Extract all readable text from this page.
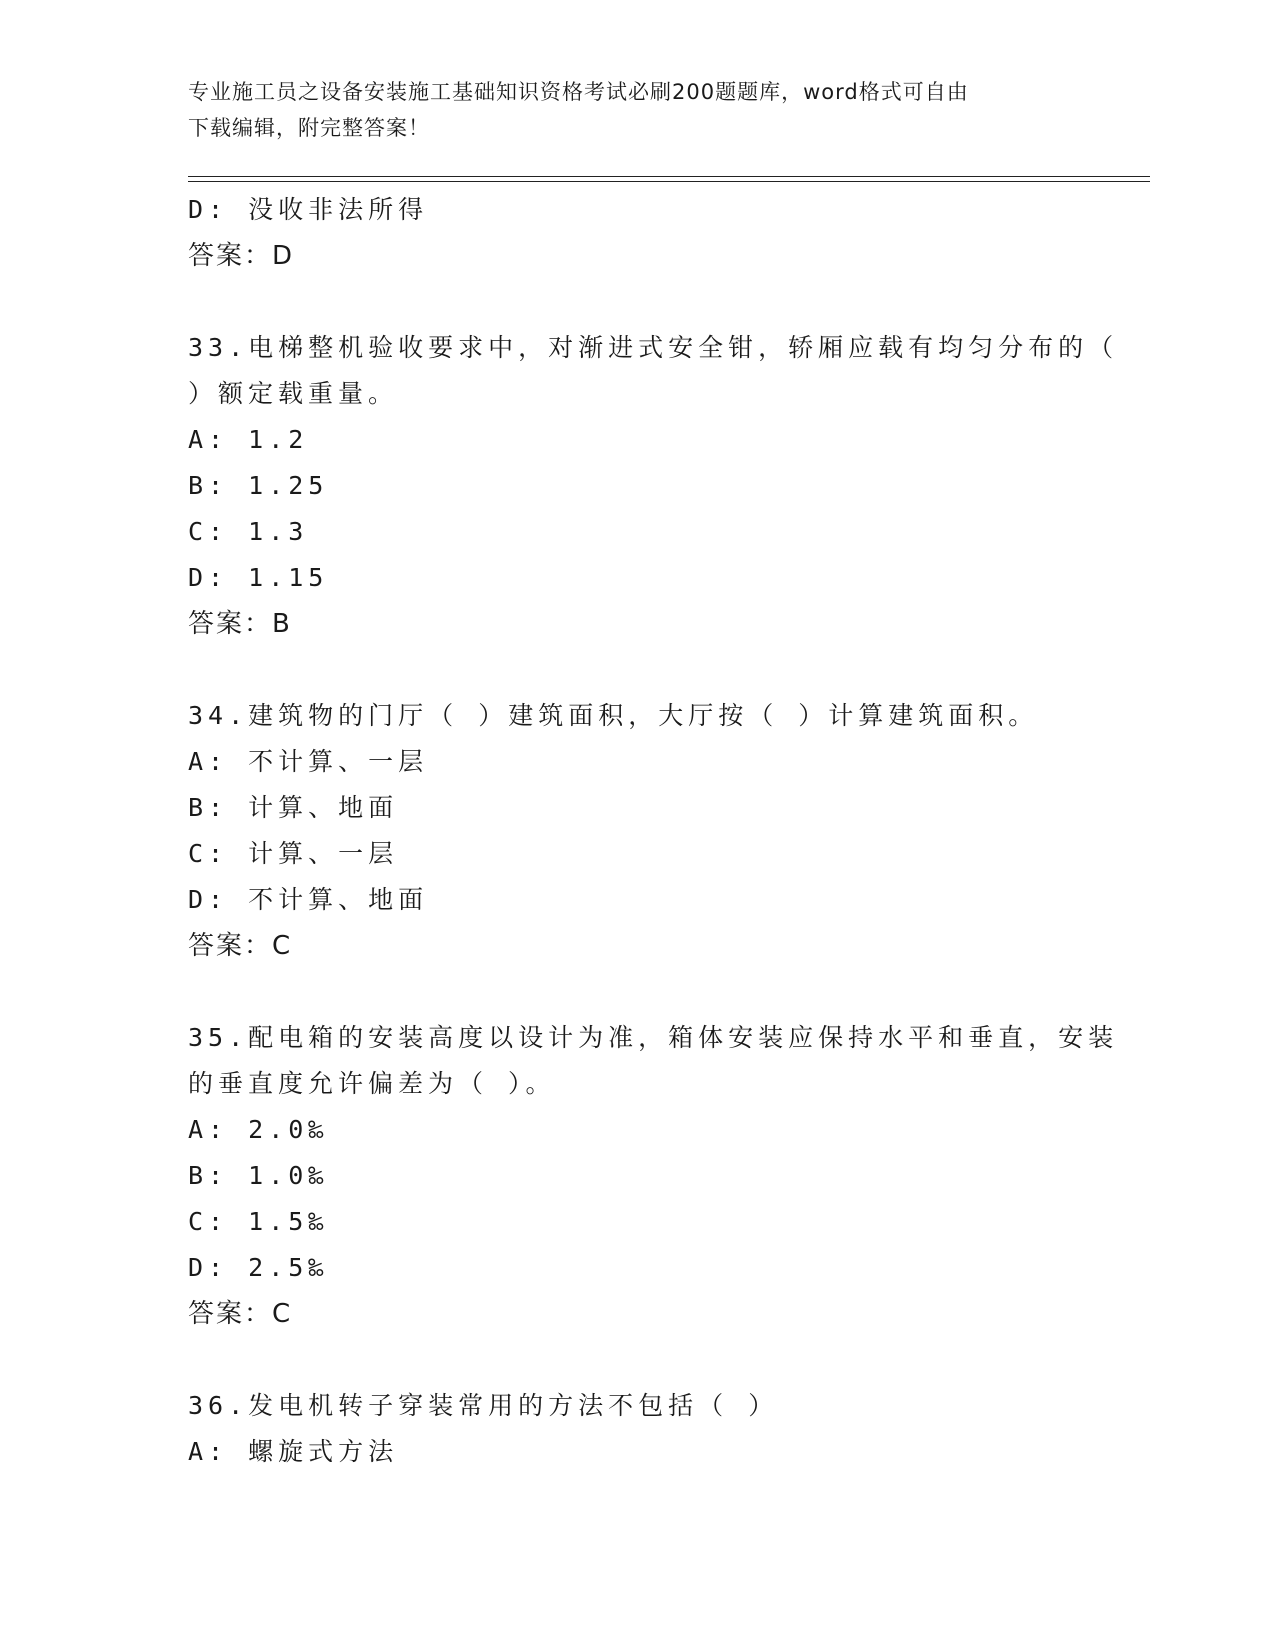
专业施工员之设备安装施工基础知识资格考试必刷200题题库，word格式可自由
下载编辑，附完整答案！
D: 没收非法所得
答案：D
33.电梯整机验收要求中，对渐进式安全钳，轿厢应载有均匀分布的（
）额定载重量。
A: 1.2
B: 1.25
C: 1.3
D: 1.15
答案：B
34.建筑物的门厅（ ）建筑面积，大厅按（ ）计算建筑面积。
A: 不计算、一层
B: 计算、地面
C: 计算、一层
D: 不计算、地面
答案：C
35.配电箱的安装高度以设计为准，箱体安装应保持水平和垂直，安装
的垂直度允许偏差为（ ）。
A: 2.0‰
B: 1.0‰
C: 1.5‰
D: 2.5‰
答案：C
36.发电机转子穿装常用的方法不包括（ ）
A: 螺旋式方法
